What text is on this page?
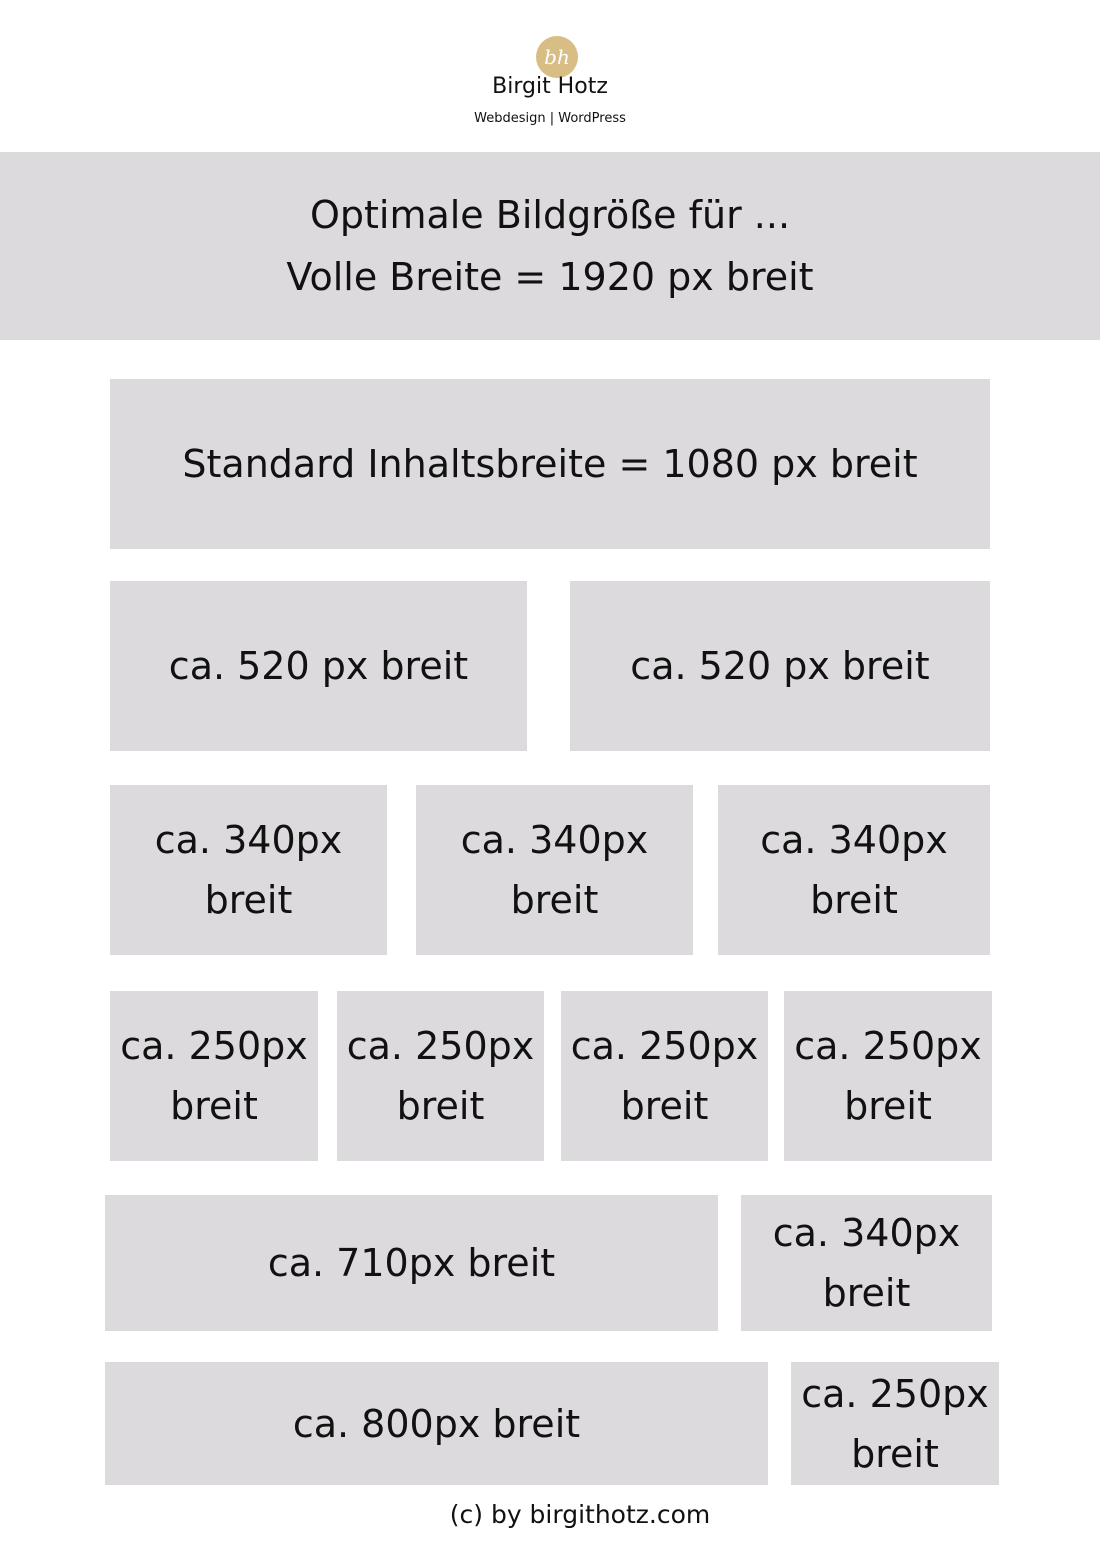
bh
Birgit Hotz
Webdesign | WordPress
Optimale Bildgröße für ...
Volle Breite = 1920 px breit
Standard Inhaltsbreite = 1080 px breit
ca. 520 px breit	ca. 520 px breit
ca. 340px
breit
ca. 340px
breit
ca. 340px
breit
ca. 250px
breit
ca. 250px
breit
ca. 250px
breit
ca. 250px
breit
ca. 710px breit
ca. 340px
breit
ca. 800px breit
ca. 250px
breit
(c) by birgithotz.com
